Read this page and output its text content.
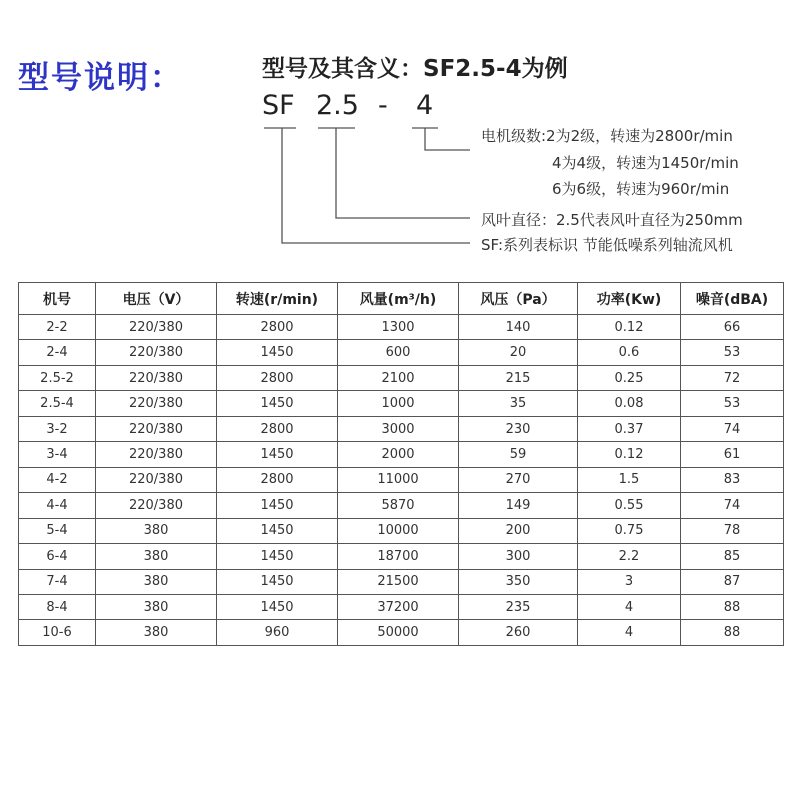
型号说明：	型号及其含义：SF2.5-4为例
SF 2.5 - 4
电机级数:2为2级，转速为2800r/min
4为4级，转速为1450r/min
6为6级，转速为960r/min
风叶直径：2.5代表风叶直径为250mm
SF:系列表标识 节能低噪系列轴流风机
机号	电压（V）	转速(r/min)	风量(m³/h)	风压（Pa）	功率(Kw)	噪音(dBA)
2-2	220/380	2800	1300	140	0.12	66
2-4	220/380	1450	600	20	0.6	53
2.5-2	220/380	2800	2100	215	0.25	72
2.5-4	220/380	1450	1000	35	0.08	53
3-2	220/380	2800	3000	230	0.37	74
3-4	220/380	1450	2000	59	0.12	61
4-2	220/380	2800	11000	270	1.5	83
4-4	220/380	1450	5870	149	0.55	74
5-4	380	1450	10000	200	0.75	78
6-4	380	1450	18700	300	2.2	85
7-4	380	1450	21500	350	3	87
8-4	380	1450	37200	235	4	88
10-6	380	960	50000	260	4	88
